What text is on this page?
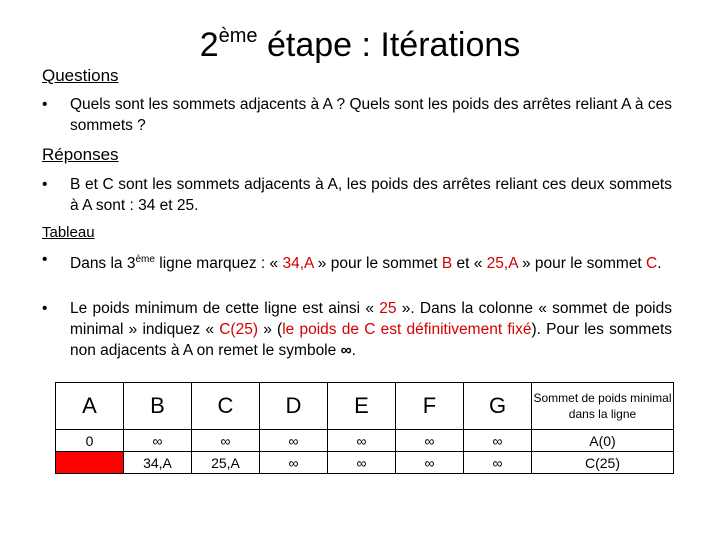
2ème étape : Itérations
Questions
• Quels sont les sommets adjacents à A ? Quels sont les poids des arrêtes reliant A à ces sommets ?
Réponses
• B et C sont les sommets adjacents à A, les poids des arrêtes reliant ces deux sommets à A sont : 34 et 25.
Tableau
• Dans la 3ème ligne marquez : « 34,A » pour le sommet B et « 25,A » pour le sommet C.
• Le poids minimum de cette ligne est ainsi « 25 ». Dans la colonne « sommet de poids minimal » indiquez « C(25) » (le poids de C est définitivement fixé). Pour les sommets non adjacents à A on remet le symbole ∞.
A	B	C	D	E	F	G	Sommet de poids minimal dans la ligne
0	∞	∞	∞	∞	∞	∞	A(0)
	34,A	25,A	∞	∞	∞	∞	C(25)
